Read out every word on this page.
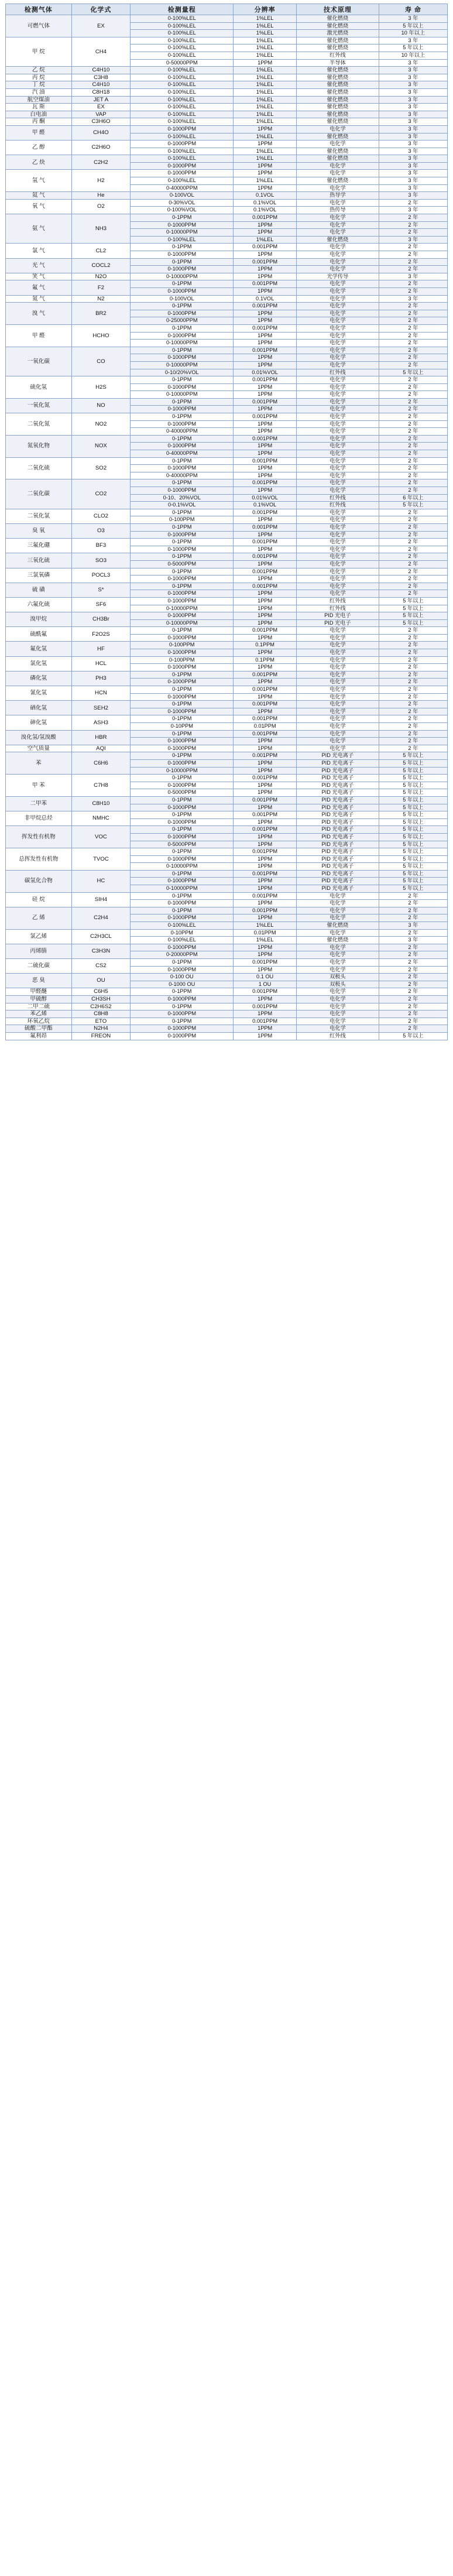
检测气体	化学式	检测量程	分辨率	技术原理	寿 命
可燃气体	EX	0-100%LEL	1%LEL	催化燃烧	3 年
		0-100%LEL	1%LEL	催化燃烧	5 年以上
		0-100%LEL	1%LEL	激光燃烧	10 年以上
甲 烷	CH4	0-100%LEL	1%LEL	催化燃烧	3 年
		0-100%LEL	1%LEL	催化燃烧	5 年以上
		0-100%LEL	1%LEL	红外线	10 年以上
		0-50000PPM	1PPM	半导体	3 年
乙 烷	C4H10	0-100%LEL	1%LEL	催化燃烧	3 年
丙 烷	C3H8	0-100%LEL	1%LEL	催化燃烧	3 年
丁 烷	C4H10	0-100%LEL	1%LEL	催化燃烧	3 年
汽 油	C8H18	0-100%LEL	1%LEL	催化燃烧	3 年
航空煤油	JET A	0-100%LEL	1%LEL	催化燃烧	3 年
瓦 斯	EX	0-100%LEL	1%LEL	催化燃烧	3 年
白电油	VAP	0-100%LEL	1%LEL	催化燃烧	3 年
丙 酮	C3H6O	0-100%LEL	1%LEL	催化燃烧	3 年
甲 醛	CH4O	0-1000PPM	1PPM	电化学	3 年
		0-100%LEL	1%LEL	催化燃烧	3 年
乙 醇	C2H6O	0-1000PPM	1PPM	电化学	3 年
		0-100%LEL	1%LEL	催化燃烧	3 年
乙 炔	C2H2	0-100%LEL	1%LEL	催化燃烧	3 年
		0-1000PPM	1PPM	电化学	3 年
氢 气	H2	0-1000PPM	1PPM	电化学	3 年
		0-100%LEL	1%LEL	催化燃烧	3 年
		0-40000PPM	1PPM	电化学	3 年
氦 气	He	0-100VOL	0.1VOL	热导学	3 年
氧 气	O2	0-30%VOL	0.1%VOL	电化学	2 年
		0-100%VOL	0.1%VOL	热传导	3 年
氨 气	NH3	0-1PPM	0.001PPM	电化学	2 年
		0-1000PPM	1PPM	电化学	2 年
		0-10000PPM	1PPM	电化学	2 年
		0-100%LEL	1%LEL	催化燃烧	3 年
氯 气	CL2	0-1PPM	0.001PPM	电化学	2 年
		0-1000PPM	1PPM	电化学	2 年
光 气	COCL2	0-1PPM	0.001PPM	电化学	2 年
		0-1000PPM	1PPM	电化学	2 年
笑 气	N2O	0-10000PPM	1PPM	光学传导	3 年
氟 气	F2	0-1PPM	0.001PPM	电化学	2 年
		0-1000PPM	1PPM	电化学	2 年
氮 气	N2	0-100VOL	0.1VOL	电化学	3 年
溴 气	BR2	0-1PPM	0.001PPM	电化学	2 年
		0-1000PPM	1PPM	电化学	2 年
		0-25000PPM	1PPM	电化学	2 年
甲 醛	HCHO	0-1PPM	0.001PPM	电化学	2 年
		0-1000PPM	1PPM	电化学	2 年
		0-10000PPM	1PPM	电化学	2 年
一氧化碳	CO	0-1PPM	0.001PPM	电化学	2 年
		0-1000PPM	1PPM	电化学	2 年
		0-10000PPM	1PPM	电化学	2 年
		0-10/20%VOL	0.01%VOL	红外线	5 年以上
硫化氢	H2S	0-1PPM	0.001PPM	电化学	2 年
		0-1000PPM	1PPM	电化学	2 年
		0-10000PPM	1PPM	电化学	2 年
一氧化氮	NO	0-1PPM	0.001PPM	电化学	2 年
		0-1000PPM	1PPM	电化学	2 年
二氧化氮	NO2	0-1PPM	0.001PPM	电化学	2 年
		0-1000PPM	1PPM	电化学	2 年
		0-40000PPM	1PPM	电化学	2 年
氮氧化物	NOX	0-1PPM	0.001PPM	电化学	2 年
		0-1000PPM	1PPM	电化学	2 年
		0-40000PPM	1PPM	电化学	2 年
二氧化硫	SO2	0-1PPM	0.001PPM	电化学	2 年
		0-1000PPM	1PPM	电化学	2 年
		0-40000PPM	1PPM	电化学	2 年
二氧化碳	CO2	0-1PPM	0.001PPM	电化学	2 年
		0-1000PPM	1PPM	电化学	2 年
		0-10、20%VOL	0.01%VOL	红外线	6 年以上
		0-0.1%VOL	0.1%VOL	红外线	5 年以上
二氧化氯	CLO2	0-1PPM	0.001PPM	电化学	2 年
		0-100PPM	1PPM	电化学	2 年
臭 氧	O3	0-1PPM	0.001PPM	电化学	2 年
		0-1000PPM	1PPM	电化学	2 年
三氟化硼	BF3	0-1PPM	0.001PPM	电化学	2 年
		0-1000PPM	1PPM	电化学	2 年
三氧化硫	SO3	0-1PPM	0.001PPM	电化学	2 年
		0-5000PPM	1PPM	电化学	2 年
三氯氧磷	POCL3	0-1PPM	0.001PPM	电化学	2 年
		0-1000PPM	1PPM	电化学	2 年
硫 磺	S*	0-1PPM	0.001PPM	电化学	2 年
		0-1000PPM	1PPM	电化学	2 年
六氟化硫	SF6	0-1000PPM	1PPM	红外线	5 年以上
		0-10000PPM	1PPM	红外线	5 年以上
溴甲烷	CH3Br	0-1000PPM	1PPM	PID 光电子	5 年以上
		0-10000PPM	1PPM	PID 光电子	5 年以上
硫酰氟	F2O2S	0-1PPM	0.001PPM	电化学	2 年
		0-1000PPM	1PPM	电化学	2 年
氟化氢	HF	0-100PPM	0.1PPM	电化学	2 年
		0-1000PPM	1PPM	电化学	2 年
氯化氢	HCL	0-100PPM	0.1PPM	电化学	2 年
		0-1000PPM	1PPM	电化学	2 年
磷化氢	PH3	0-1PPM	0.001PPM	电化学	2 年
		0-1000PPM	1PPM	电化学	2 年
氰化氢	HCN	0-1PPM	0.001PPM	电化学	2 年
		0-1000PPM	1PPM	电化学	2 年
硒化氢	SEH2	0-1PPM	0.001PPM	电化学	2 年
		0-1000PPM	1PPM	电化学	2 年
砷化氢	ASH3	0-1PPM	0.001PPM	电化学	2 年
		0-10PPM	0.01PPM	电化学	2 年
溴化氢/氢溴酸	HBR	0-1PPM	0.001PPM	电化学	2 年
		0-1000PPM	1PPM	电化学	2 年
空气质量	AQI	0-1000PPM	1PPM	电化学	2 年
苯	C6H6	0-1PPM	0.001PPM	PID 光电离子	5 年以上
		0-1000PPM	1PPM	PID 光电离子	5 年以上
		0-10000PPM	1PPM	PID 光电离子	5 年以上
甲 苯	C7H8	0-1PPM	0.001PPM	PID 光电离子	5 年以上
		0-1000PPM	1PPM	PID 光电离子	5 年以上
		0-5000PPM	1PPM	PID 光电离子	5 年以上
二甲苯	C8H10	0-1PPM	0.001PPM	PID 光电离子	5 年以上
		0-1000PPM	1PPM	PID 光电离子	5 年以上
非甲烷总烃	NMHC	0-1PPM	0.001PPM	PID 光电离子	5 年以上
		0-1000PPM	1PPM	PID 光电离子	5 年以上
挥发性有机物	VOC	0-1PPM	0.001PPM	PID 光电离子	5 年以上
		0-1000PPM	1PPM	PID 光电离子	5 年以上
		0-5000PPM	1PPM	PID 光电离子	5 年以上
总挥发性有机物	TVOC	0-1PPM	0.001PPM	PID 光电离子	5 年以上
		0-1000PPM	1PPM	PID 光电离子	5 年以上
		0-10000PPM	1PPM	PID 光电离子	5 年以上
碳氢化合物	HC	0-1PPM	0.001PPM	PID 光电离子	5 年以上
		0-1000PPM	1PPM	PID 光电离子	5 年以上
		0-10000PPM	1PPM	PID 光电离子	5 年以上
硅 烷	SIH4	0-1PPM	0.001PPM	电化学	2 年
		0-1000PPM	1PPM	电化学	2 年
乙 烯	C2H4	0-1PPM	0.001PPM	电化学	2 年
		0-1000PPM	1PPM	电化学	2 年
		0-100%LEL	1%LEL	催化燃烧	3 年
氯乙烯	C2H3CL	0-10PPM	0.01PPM	电化学	2 年
		0-100%LEL	1%LEL	催化燃烧	3 年
丙烯腈	C3H3N	0-1000PPM	1PPM	电化学	2 年
		0-20000PPM	1PPM	电化学	2 年
二硫化碳	CS2	0-1PPM	0.001PPM	电化学	2 年
		0-1000PPM	1PPM	电化学	2 年
恶 臭	OU	0-100 OU	0.1 OU	双极头	2 年
		0-1000 OU	1 OU	双极头	2 年
甲醛醚	C6H5	0-1PPM	0.001PPM	电化学	2 年
甲硫醇	CH3SH	0-1000PPM	1PPM	电化学	2 年
二甲二硫	C2H6S2	0-1PPM	0.001PPM	电化学	2 年
苯乙烯	C8H8	0-1000PPM	1PPM	电化学	2 年
环氧乙烷	ETO	0-1PPM	0.001PPM	电化学	2 年
硫酸二甲酯	N2H4	0-1000PPM	1PPM	电化学	2 年
氟利昂	FREON	0-1000PPM	1PPM	红外线	5 年以上
